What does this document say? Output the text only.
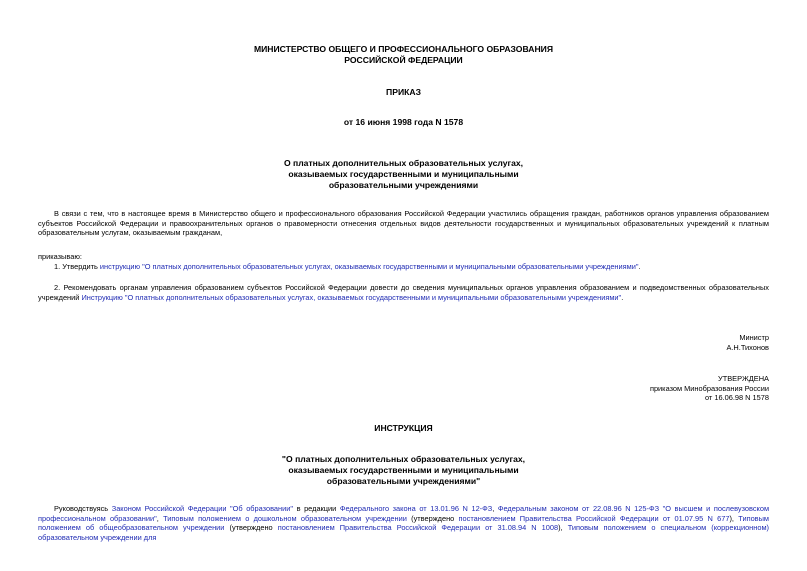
МИНИСТЕРСТВО ОБЩЕГО И ПРОФЕССИОНАЛЬНОГО ОБРАЗОВАНИЯ
РОССИЙСКОЙ ФЕДЕРАЦИИ
ПРИКАЗ
от 16 июня 1998 года N 1578
О платных дополнительных образовательных услугах,
оказываемых государственными и муниципальными
образовательными учреждениями
В связи с тем, что в настоящее время в Министерство общего и профессионального образования Российской Федерации участились обращения граждан, работников органов управления образованием субъектов Российской Федерации и правоохранительных органов о правомерности отнесения отдельных видов деятельности государственных и муниципальных образовательных учреждений к платным образовательным услугам, оказываемым гражданам,
приказываю:
1. Утвердить инструкцию "О платных дополнительных образовательных услугах, оказываемых государственными и муниципальными образовательными учреждениями".
2. Рекомендовать органам управления образованием субъектов Российской Федерации довести до сведения муниципальных органов управления образованием и подведомственных образовательных учреждений Инструкцию "О платных дополнительных образовательных услугах, оказываемых государственными и муниципальными образовательными учреждениями".
Министр
А.Н.Тихонов
УТВЕРЖДЕНА
приказом Минобразования России
от 16.06.98 N 1578
ИНСТРУКЦИЯ
"О платных дополнительных образовательных услугах,
оказываемых государственными и муниципальными
образовательными учреждениями"
Руководствуясь Законом Российской Федерации "Об образовании" в редакции Федерального закона от 13.01.96 N 12-ФЗ, Федеральным законом от 22.08.96 N 125-ФЗ "О высшем и послевузовском профессиональном образовании", Типовым положением о дошкольном образовательном учреждении (утверждено постановлением Правительства Российской Федерации от 01.07.95 N 677), Типовым положением об общеобразовательном учреждении (утверждено постановлением Правительства Российской Федерации от 31.08.94 N 1008), Типовым положением о специальном (коррекционном) образовательном учреждении для
